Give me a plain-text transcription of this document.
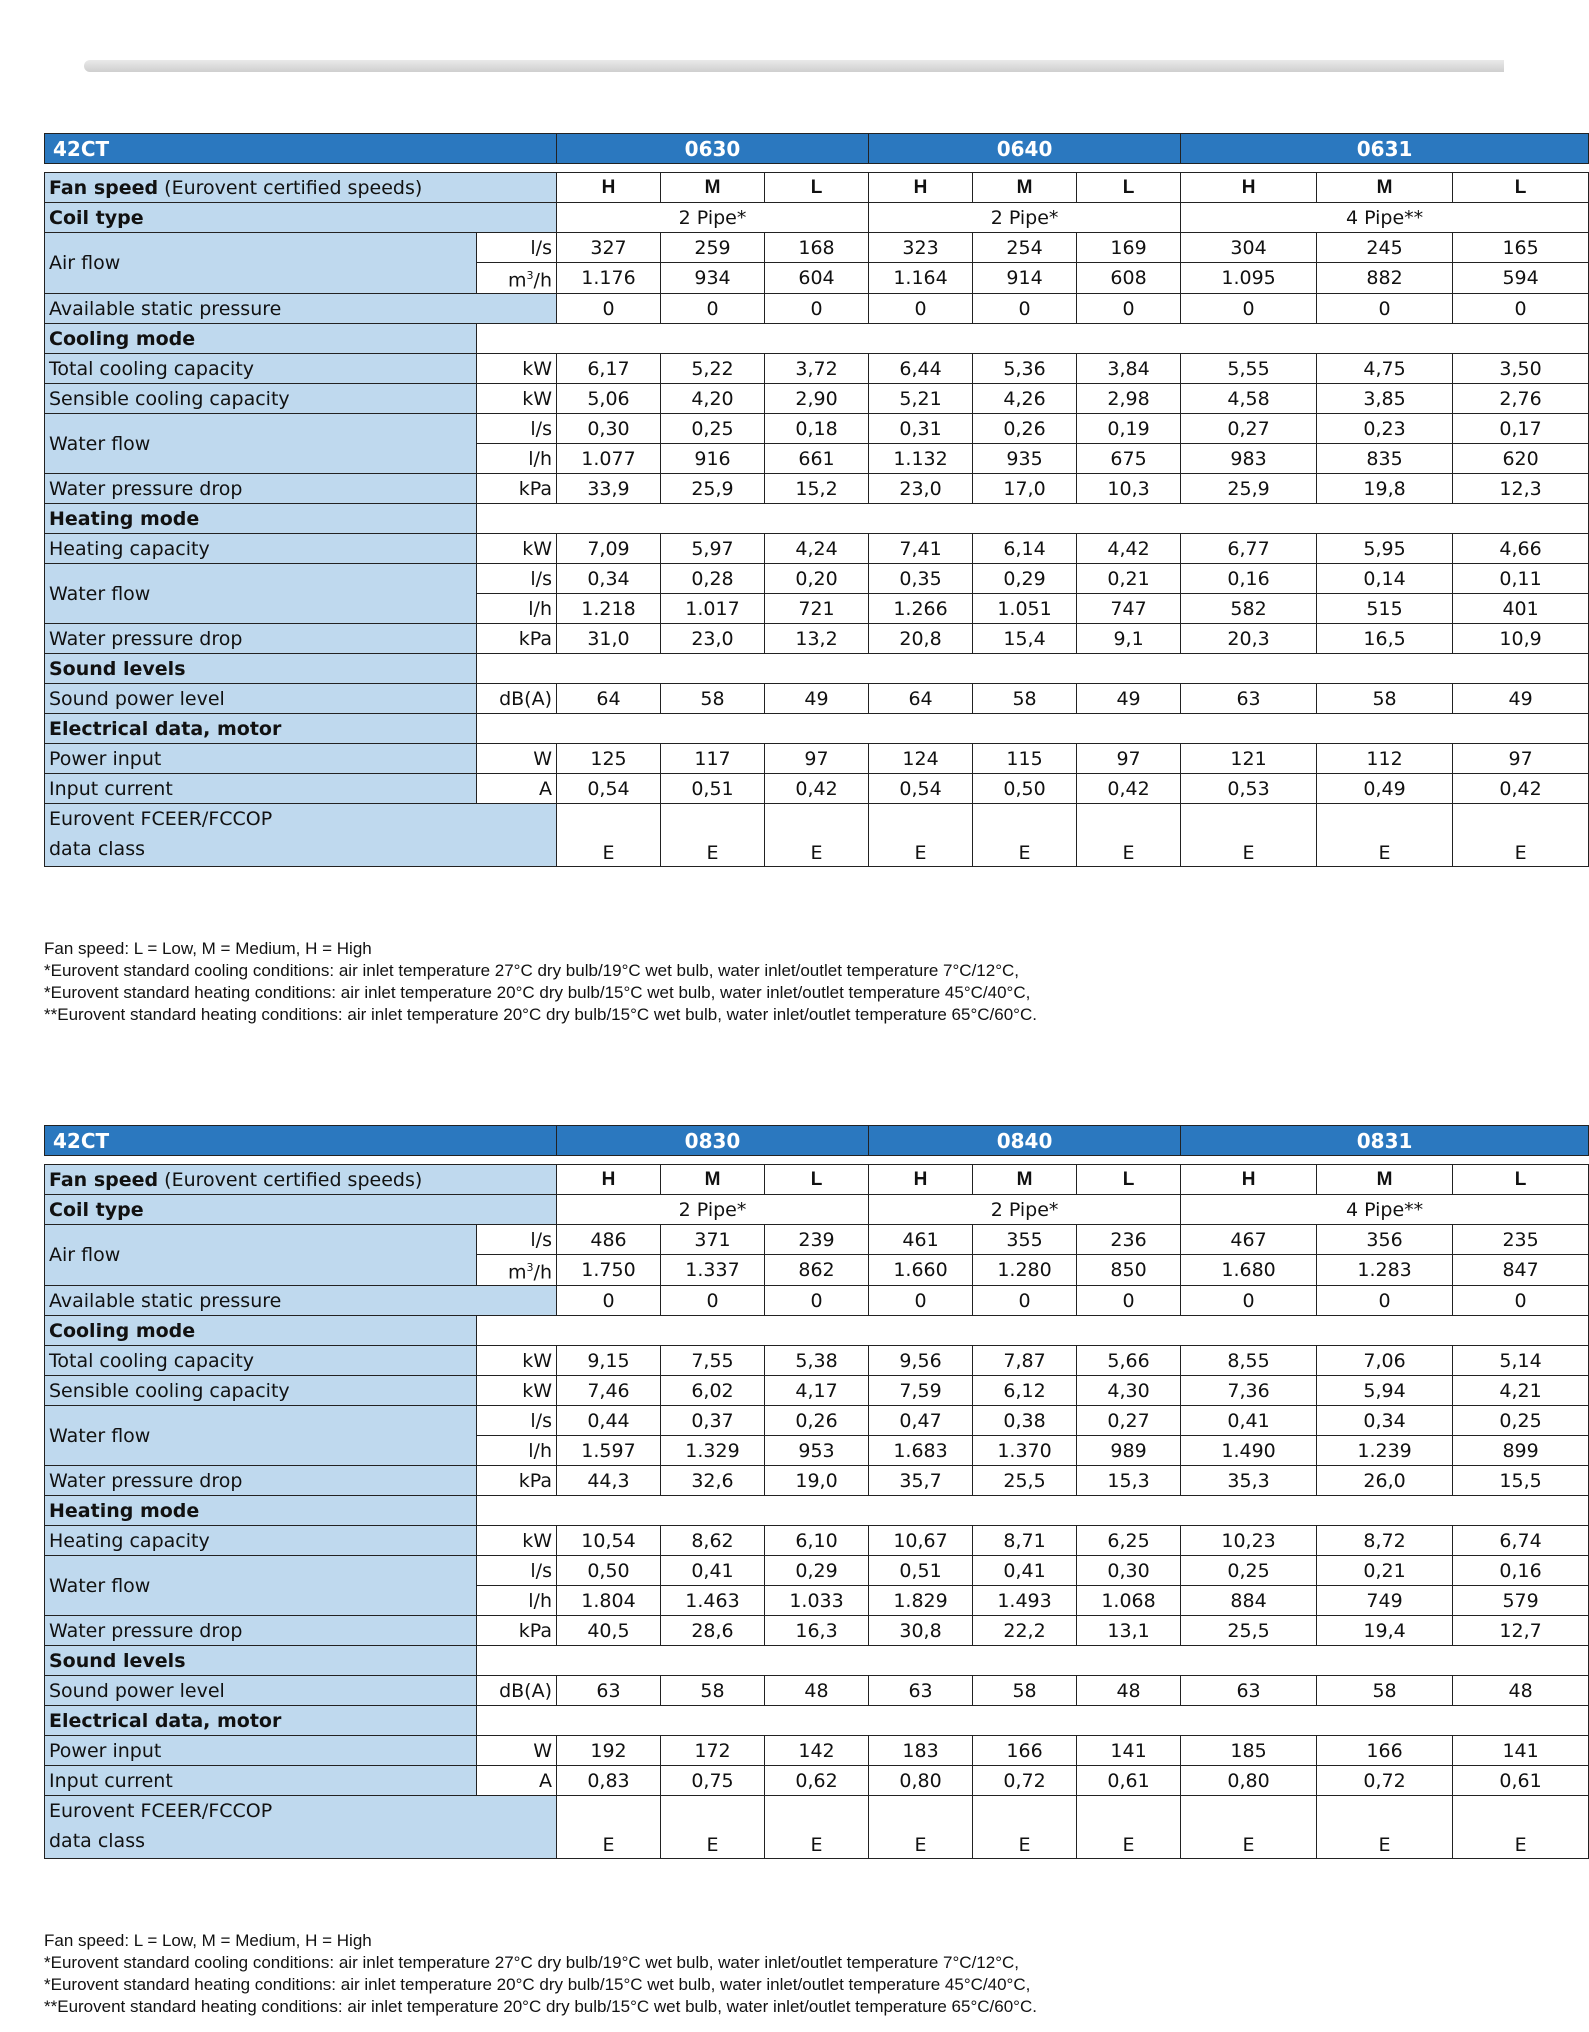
42CT		0630			0640			0631		

Fan speed (Eurovent certified speeds)		H	M	L	H	M	L	H	M	L
Coil type		2 Pipe*			2 Pipe*			4 Pipe**		
Air flow	l/s	327	259	168	323	254	169	304	245	165
	$m^3/h$	1.176	934	604	1.164	914	608	1.095	882	594
Available static pressure		0	0	0	0	0	0	0	0	0
Cooling mode										
Total cooling capacity	kW	6,17	5,22	3,72	6,44	5,36	3,84	5,55	4,75	3,50
Sensible cooling capacity	kW	5,06	4,20	2,90	5,21	4,26	2,98	4,58	3,85	2,76
Water flow	l/s	0,30	0,25	0,18	0,31	0,26	0,19	0,27	0,23	0,17
	l/h	1.077	916	661	1.132	935	675	983	835	620
Water pressure drop	kPa	33,9	25,9	15,2	23,0	17,0	10,3	25,9	19,8	12,3
Heating mode										
Heating capacity	kW	7,09	5,97	4,24	7,41	6,14	4,42	6,77	5,95	4,66
Water flow	l/s	0,34	0,28	0,20	0,35	0,29	0,21	0,16	0,14	0,11
	l/h	1.218	1.017	721	1.266	1.051	747	582	515	401
Water pressure drop	kPa	31,0	23,0	13,2	20,8	15,4	9,1	20,3	16,5	10,9
Sound levels										
Sound power level	dB(A)	64	58	49	64	58	49	63	58	49
Electrical data, motor										
Power input	W	125	117	97	124	115	97	121	112	97
Input current	A	0,54	0,51	0,42	0,54	0,50	0,42	0,53	0,49	0,42

Eurovent FCEER/FCCOP
data class		E	E	E	E	E	E	E	E	E
Fan speed: L = Low, M = Medium, H = High
*Eurovent standard cooling conditions: air inlet temperature 27°C dry bulb/19°C wet bulb, water inlet/outlet temperature 7°C/12°C,
*Eurovent standard heating conditions: air inlet temperature 20°C dry bulb/15°C wet bulb, water inlet/outlet temperature 45°C/40°C,
**Eurovent standard heating conditions: air inlet temperature 20°C dry bulb/15°C wet bulb, water inlet/outlet temperature 65°C/60°C.
42CT		0830			0840			0831		

Fan speed (Eurovent certified speeds)		H	M	L	H	M	L	H	M	L
Coil type		2 Pipe*			2 Pipe*			4 Pipe**		
Air flow	l/s	486	371	239	461	355	236	467	356	235
	$m^3/h$	1.750	1.337	862	1.660	1.280	850	1.680	1.283	847
Available static pressure		0	0	0	0	0	0	0	0	0
Cooling mode										
Total cooling capacity	kW	9,15	7,55	5,38	9,56	7,87	5,66	8,55	7,06	5,14
Sensible cooling capacity	kW	7,46	6,02	4,17	7,59	6,12	4,30	7,36	5,94	4,21
Water flow	l/s	0,44	0,37	0,26	0,47	0,38	0,27	0,41	0,34	0,25
	l/h	1.597	1.329	953	1.683	1.370	989	1.490	1.239	899
Water pressure drop	kPa	44,3	32,6	19,0	35,7	25,5	15,3	35,3	26,0	15,5
Heating mode										
Heating capacity	kW	10,54	8,62	6,10	10,67	8,71	6,25	10,23	8,72	6,74
Water flow	l/s	0,50	0,41	0,29	0,51	0,41	0,30	0,25	0,21	0,16
	l/h	1.804	1.463	1.033	1.829	1.493	1.068	884	749	579
Water pressure drop	kPa	40,5	28,6	16,3	30,8	22,2	13,1	25,5	19,4	12,7
Sound levels										
Sound power level	dB(A)	63	58	48	63	58	48	63	58	48
Electrical data, motor										
Power input	W	192	172	142	183	166	141	185	166	141
Input current	A	0,83	0,75	0,62	0,80	0,72	0,61	0,80	0,72	0,61

Eurovent FCEER/FCCOP
data class		E	E	E	E	E	E	E	E	E
Fan speed: L = Low, M = Medium, H = High
*Eurovent standard cooling conditions: air inlet temperature 27°C dry bulb/19°C wet bulb, water inlet/outlet temperature 7°C/12°C,
*Eurovent standard heating conditions: air inlet temperature 20°C dry bulb/15°C wet bulb, water inlet/outlet temperature 45°C/40°C,
**Eurovent standard heating conditions: air inlet temperature 20°C dry bulb/15°C wet bulb, water inlet/outlet temperature 65°C/60°C.
